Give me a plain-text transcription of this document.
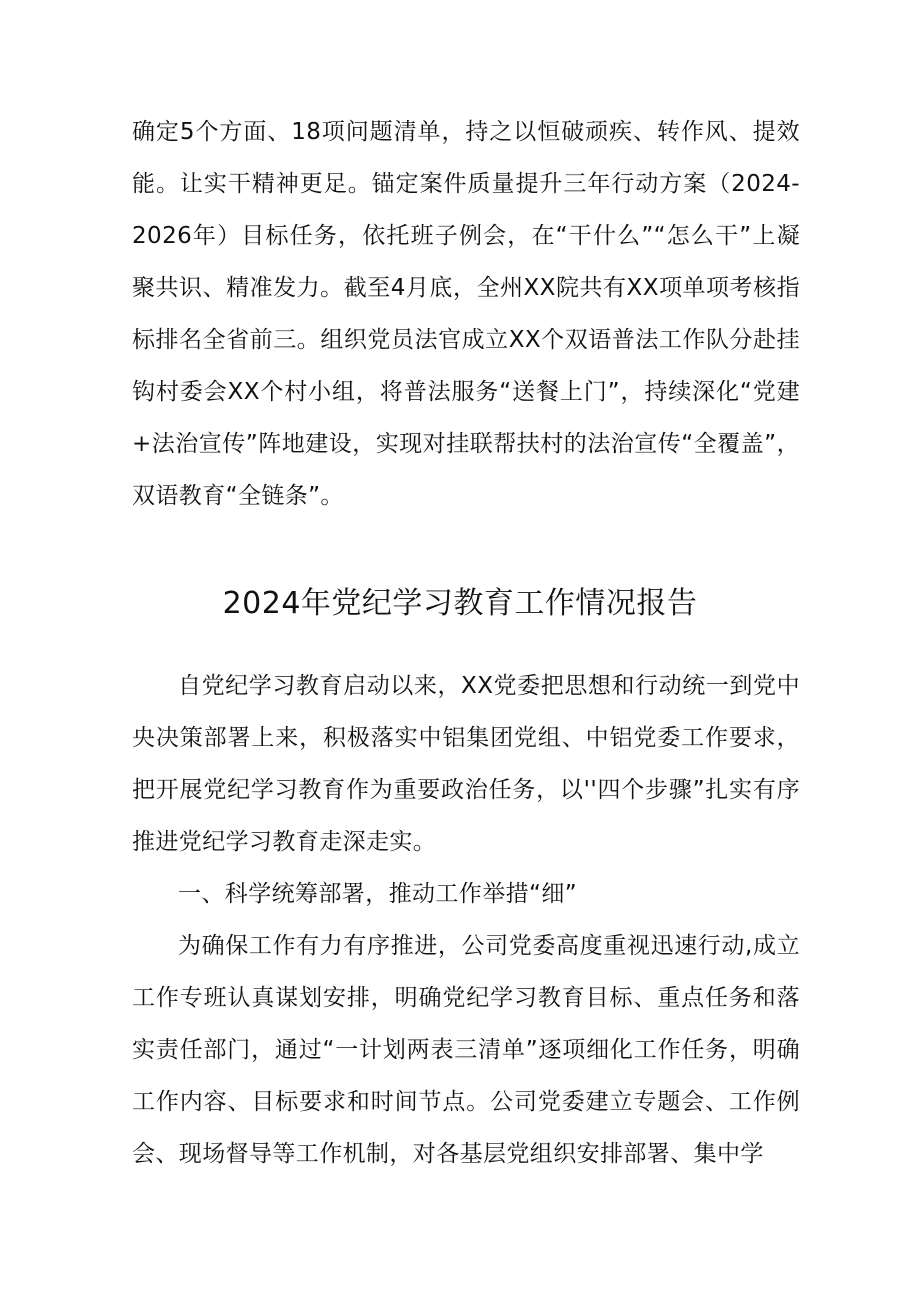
确定5个方面、18项问题清单，持之以恒破顽疾、转作风、提效能。让实干精神更足。锚定案件质量提升三年行动方案（2024-2026年）目标任务，依托班子例会，在“干什么”“怎么干”上凝聚共识、精准发力。截至4月底，全州XX院共有XX项单项考核指标排名全省前三。组织党员法官成立XX个双语普法工作队分赴挂钩村委会XX个村小组，将普法服务“送餐上门”，持续深化“党建+法治宣传”阵地建设，实现对挂联帮扶村的法治宣传“全覆盖”，双语教育“全链条”。
2024年党纪学习教育工作情况报告

自党纪学习教育启动以来，XX党委把思想和行动统一到党中央决策部署上来，积极落实中铝集团党组、中铝党委工作要求，把开展党纪学习教育作为重要政治任务，以''四个步骤”扎实有序推进党纪学习教育走深走实。

一、科学统筹部署，推动工作举措“细”

为确保工作有力有序推进，公司党委高度重视迅速行动,成立工作专班认真谋划安排，明确党纪学习教育目标、重点任务和落实责任部门，通过“一计划两表三清单”逐项细化工作任务，明确工作内容、目标要求和时间节点。公司党委建立专题会、工作例会、现场督导等工作机制，对各基层党组织安排部署、集中学
